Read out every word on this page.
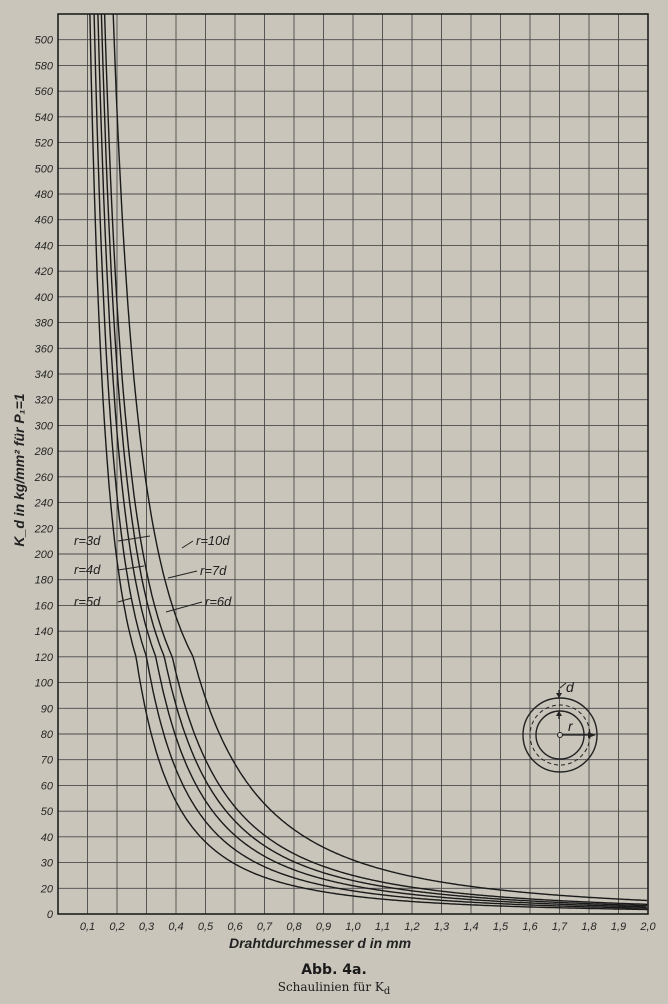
0,1 0,2 0,3 0,4 0,5 0,6 0,7 0,8 0,9 1,0 1,1 1,2 1,3 1,4 1,5 1,6 1,7 1,8 1,9 2,0
0
20
30
40
50
60
70
80
90
100
120
140
160
180
200
220
240
260
280
300
320
340
360
380
400
420
440
460
480
500
520
540
560
580
500
K_d in kg/mm² für P₁=1
Drahtdurchmesser d in mm
r=3d
r=4d
r=5d	r=6d
r=7d
r=10d
d
r
Abb. 4a.
Schaulinien für $K_d$
